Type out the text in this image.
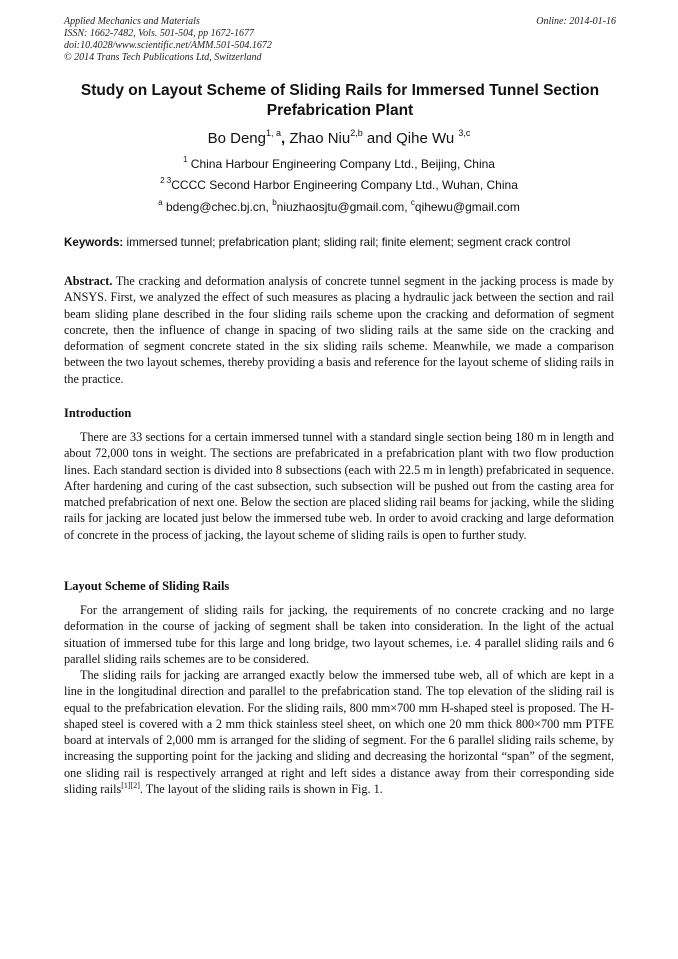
Applied Mechanics and Materials
ISSN: 1662-7482, Vols. 501-504, pp 1672-1677
doi:10.4028/www.scientific.net/AMM.501-504.1672
© 2014 Trans Tech Publications Ltd, Switzerland
Online: 2014-01-16
Study on Layout Scheme of Sliding Rails for Immersed Tunnel Section Prefabrication Plant
Bo Deng$^{1, a}$, Zhao Niu$^{2,b}$ and Qihe Wu $^{3,c}$
$^1$ China Harbour Engineering Company Ltd., Beijing, China
$^{2 3}$CCCC Second Harbor Engineering Company Ltd., Wuhan, China
$^a$ bdeng@chec.bj.cn, $^b$niuzhaosjtu@gmail.com, $^c$qihewu@gmail.com
Keywords: immersed tunnel; prefabrication plant; sliding rail; finite element; segment crack control
Abstract. The cracking and deformation analysis of concrete tunnel segment in the jacking process is made by ANSYS. First, we analyzed the effect of such measures as placing a hydraulic jack between the section and rail beam sliding plane described in the four sliding rails scheme upon the cracking and deformation of segment concrete, then the influence of change in spacing of two sliding rails at the same side on the cracking and deformation of segment concrete stated in the six sliding rails scheme. Meanwhile, we made a comparison between the two layout schemes, thereby providing a basis and reference for the layout scheme of sliding rails in the practice.
Introduction
There are 33 sections for a certain immersed tunnel with a standard single section being 180 m in length and about 72,000 tons in weight. The sections are prefabricated in a prefabrication plant with two flow production lines. Each standard section is divided into 8 subsections (each with 22.5 m in length) prefabricated in sequence. After hardening and curing of the cast subsection, such subsection will be pushed out from the casting area for matched prefabrication of next one. Below the section are placed sliding rail beams for jacking, while the sliding rails for jacking are located just below the immersed tube web. In order to avoid cracking and large deformation of concrete in the process of jacking, the layout scheme of sliding rails is open to further study.
Layout Scheme of Sliding Rails
For the arrangement of sliding rails for jacking, the requirements of no concrete cracking and no large deformation in the course of jacking of segment shall be taken into consideration. In the light of the actual situation of immersed tube for this large and long bridge, two layout schemes, i.e. 4 parallel sliding rails and 6 parallel sliding rails schemes are to be considered.
The sliding rails for jacking are arranged exactly below the immersed tube web, all of which are kept in a line in the longitudinal direction and parallel to the prefabrication stand. The top elevation of the sliding rail is equal to the prefabrication elevation. For the sliding rails, 800 mm×700 mm H-shaped steel is proposed. The H-shaped steel is covered with a 2 mm thick stainless steel sheet, on which one 20 mm thick 800×700 mm PTFE board at intervals of 2,000 mm is arranged for the sliding of segment. For the 6 parallel sliding rails scheme, by increasing the supporting point for the jacking and sliding and decreasing the horizontal “span” of the segment, one sliding rail is respectively arranged at right and left sides a distance away from their corresponding side sliding rails[1][2]. The layout of the sliding rails is shown in Fig. 1.
